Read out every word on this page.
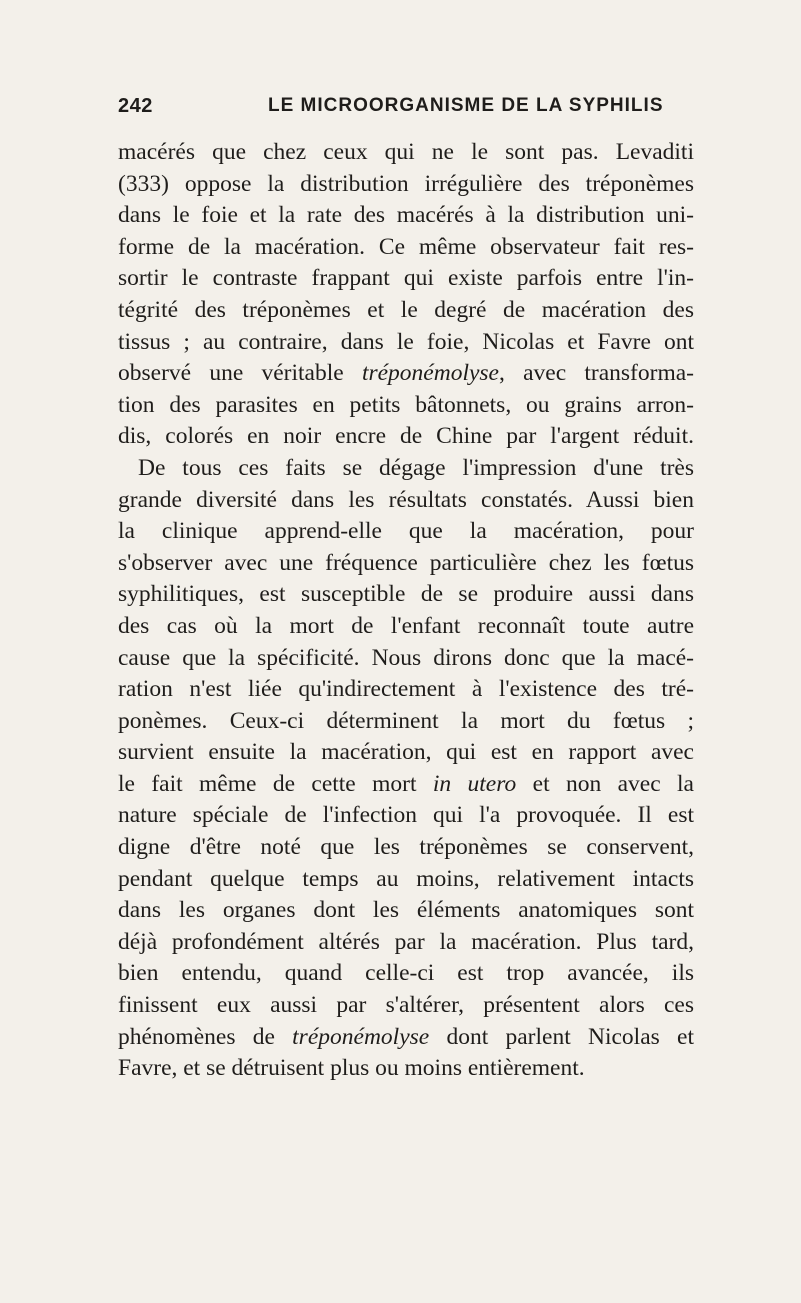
242	LE MICROORGANISME DE LA SYPHILIS
macérés que chez ceux qui ne le sont pas. Levaditi
(333) oppose la distribution irrégulière des tréponèmes
dans le foie et la rate des macérés à la distribution uni-
forme de la macération. Ce même observateur fait res-
sortir le contraste frappant qui existe parfois entre l'in-
tégrité des tréponèmes et le degré de macération des
tissus ; au contraire, dans le foie, Nicolas et Favre ont
observé une véritable tréponémolyse, avec transforma-
tion des parasites en petits bâtonnets, ou grains arron-
dis, colorés en noir encre de Chine par l'argent réduit.
De tous ces faits se dégage l'impression d'une très
grande diversité dans les résultats constatés. Aussi bien
la clinique apprend-elle que la macération, pour
s'observer avec une fréquence particulière chez les fœtus
syphilitiques, est susceptible de se produire aussi dans
des cas où la mort de l'enfant reconnaît toute autre
cause que la spécificité. Nous dirons donc que la macé-
ration n'est liée qu'indirectement à l'existence des tré-
ponèmes. Ceux-ci déterminent la mort du fœtus ;
survient ensuite la macération, qui est en rapport avec
le fait même de cette mort in utero et non avec la
nature spéciale de l'infection qui l'a provoquée. Il est
digne d'être noté que les tréponèmes se conservent,
pendant quelque temps au moins, relativement intacts
dans les organes dont les éléments anatomiques sont
déjà profondément altérés par la macération. Plus tard,
bien entendu, quand celle-ci est trop avancée, ils
finissent eux aussi par s'altérer, présentent alors ces
phénomènes de tréponémolyse dont parlent Nicolas et
Favre, et se détruisent plus ou moins entièrement.
